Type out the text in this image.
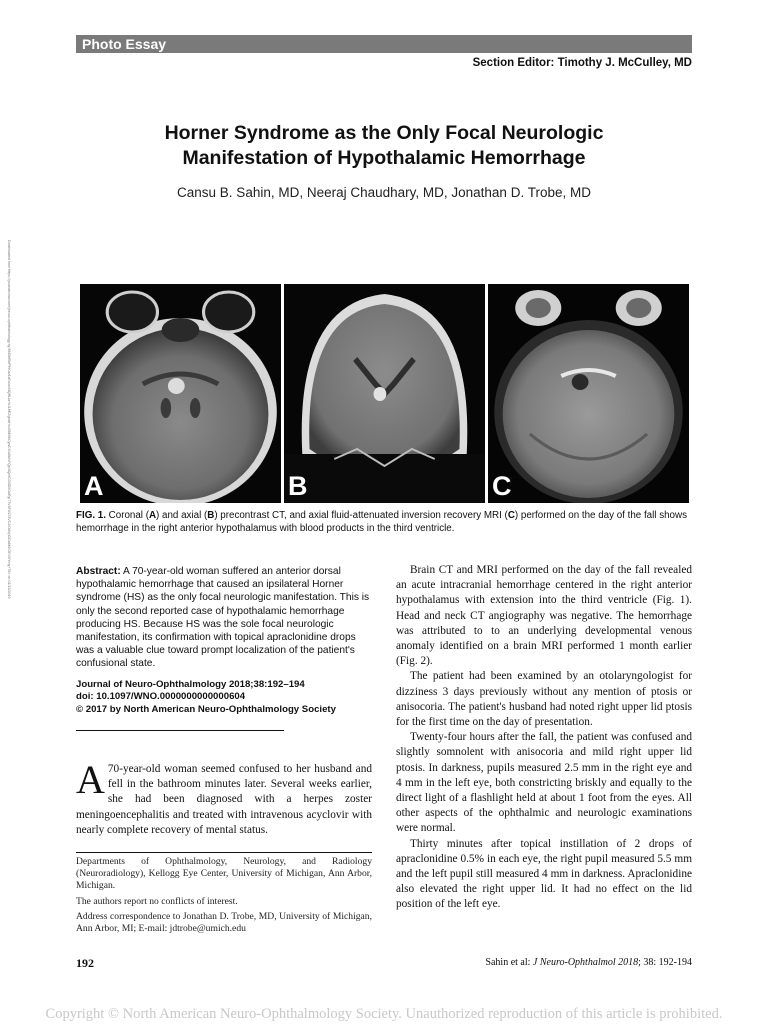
Photo Essay
Section Editor: Timothy J. McCulley, MD
Horner Syndrome as the Only Focal Neurologic
Manifestation of Hypothalamic Hemorrhage
Cansu B. Sahin, MD, Neeraj Chaudhary, MD, Jonathan D. Trobe, MD
Downloaded from https://journals.lww.com/jneuro-ophthalmology by BhDMf5ePHKav1zEoum1tQfN4a+kJLhEZgbsIHo4XMi0hCywCX1AWnYQp/IlQrHD3i3D0OdRyi7TvSFl4Cf3VC4/OAVpDDa8KKGKV0Ymy+78= on 01/13/2019	A	B	C
FIG. 1. Coronal (A) and axial (B) precontrast CT, and axial fluid-attenuated inversion recovery MRI (C) performed on the day of the fall shows hemorrhage in the right anterior hypothalamus with blood products in the third ventricle.
Abstract: A 70-year-old woman suffered an anterior dorsal hypothalamic hemorrhage that caused an ipsilateral Horner syndrome (HS) as the only focal neurologic manifestation. This is only the second reported case of hypothalamic hemorrhage producing HS. Because HS was the sole focal neurologic manifestation, its confirmation with topical apraclonidine drops was a valuable clue toward prompt localization of the patient's confusional state.
Journal of Neuro-Ophthalmology 2018;38:192–194
doi: 10.1097/WNO.0000000000000604
© 2017 by North American Neuro-Ophthalmology Society
A 70-year-old woman seemed confused to her husband and fell in the bathroom minutes later. Several weeks earlier, she had been diagnosed with a herpes zoster meningoencephalitis and treated with intravenous acyclovir with nearly complete recovery of mental status.

Departments of Ophthalmology, Neurology, and Radiology (Neuroradiology), Kellogg Eye Center, University of Michigan, Ann Arbor, Michigan.

The authors report no conflicts of interest.

Address correspondence to Jonathan D. Trobe, MD, University of Michigan, Ann Arbor, MI; E-mail: jdtrobe@umich.edu

Brain CT and MRI performed on the day of the fall revealed an acute intracranial hemorrhage centered in the right anterior hypothalamus with extension into the third ventricle (Fig. 1). Head and neck CT angiography was negative. The hemorrhage was attributed to to an underlying developmental venous anomaly identified on a brain MRI performed 1 month earlier (Fig. 2).

The patient had been examined by an otolaryngologist for dizziness 3 days previously without any mention of ptosis or anisocoria. The patient's husband had noted right upper lid ptosis for the first time on the day of presentation.

Twenty-four hours after the fall, the patient was confused and slightly somnolent with anisocoria and mild right upper lid ptosis. In darkness, pupils measured 2.5 mm in the right eye and 4 mm in the left eye, both constricting briskly and equally to the direct light of a flashlight held at about 1 foot from the eyes. All other aspects of the ophthalmic and neurologic examinations were normal.

Thirty minutes after topical instillation of 2 drops of apraclonidine 0.5% in each eye, the right pupil measured 5.5 mm and the left pupil still measured 4 mm in darkness. Apraclonidine also elevated the right upper lid. It had no effect on the lid position of the left eye.

192	Sahin et al: J Neuro-Ophthalmol 2018; 38: 192-194
Copyright © North American Neuro-Ophthalmology Society. Unauthorized reproduction of this article is prohibited.
